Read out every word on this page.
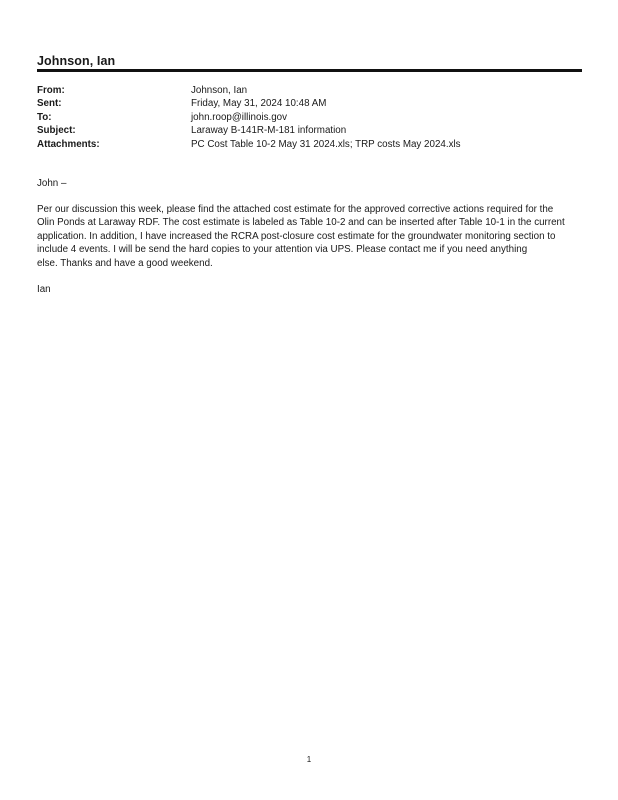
Johnson, Ian
From:	Johnson, Ian
Sent:	Friday, May 31, 2024 10:48 AM
To:	john.roop@illinois.gov
Subject:	Laraway B-141R-M-181 information
Attachments:	PC Cost Table 10-2 May 31 2024.xls; TRP costs May 2024.xls
John –
Per our discussion this week, please find the attached cost estimate for the approved corrective actions required for the
Olin Ponds at Laraway RDF. The cost estimate is labeled as Table 10-2 and can be inserted after Table 10-1 in the current
application. In addition, I have increased the RCRA post-closure cost estimate for the groundwater monitoring section to
include 4 events. I will be send the hard copies to your attention via UPS. Please contact me if you need anything
else. Thanks and have a good weekend.
Ian
1
